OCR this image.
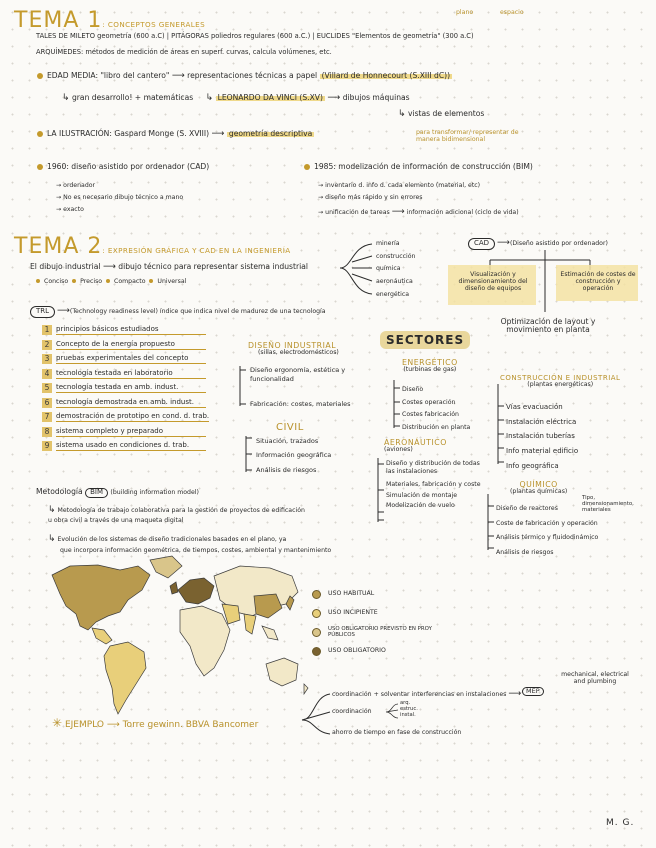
TEMA 1: CONCEPTOS GENERALES
plano	espacio
TALES DE MILETO geometría (600 a.C) | PITÁGORAS poliedros regulares (600 a.C.) | EUCLIDES "Elementos de geometría" (300 a.C)
ARQUÍMEDES: métodos de medición de áreas en superf. curvas, calcula volúmenes, etc.
EDAD MEDIA: "libro del cantero" ⟶ representaciones técnicas a papel (Villard de Honnecourt (S.XIII dC))
↳ gran desarrollo! + matemáticas ↳ LEONARDO DA VINCI (S.XV) ⟶ dibujos máquinas
↳ vistas de elementos
LA ILUSTRACIÓN: Gaspard Monge (S. XVIII) ⟶ geometría descriptiva	para transformar/ representar de manera bidimensional
1960: diseño asistido por ordenador (CAD)
→ ordenador
→ No es necesario dibujo técnico a mano
→ exacto
1985: modelización de información de construcción (BIM)
→ inventario d. info d. cada elemento (material, etc)
→ diseño más rápido y sin errores
→ unificación de tareas ⟶ información adicional (ciclo de vida)
TEMA 2: EXPRESIÓN GRÁFICA Y CAD EN LA INGENIERÍA
El dibujo industrial ⟶ dibujo técnico para representar sistema industrial
Conciso Preciso Compacto Universal
minería
construcción
química
aeronáutica
energética
CAD ⟶(Diseño asistido por ordenador)
Visualización y dimensionamiento del diseño de equipos
Estimación de costes de construcción y operación
Optimización de layout y movimiento en planta
TRL ⟶(Technology readiness level) índice que indica nivel de madurez de una tecnología
1 principios básicos estudiados
2 Concepto de la energía propuesto
3 pruebas experimentales del concepto
4 tecnología testada en laboratorio
5 tecnología testada en amb. indust.
6 tecnología demostrada en amb. indust.
7 demostración de prototipo en cond. d. trab.
8 sistema completo y preparado
9 sistema usado en condiciones d. trab.
SECTORES
DISEÑO INDUSTRIAL
(sillas, electrodomésticos)
Diseño ergonomía, estética y funcionalidad
Fabricación: costes, materiales
CIVIL
Situación, trazados
Información geográfica
Análisis de riesgos
ENERGÉTICO
(turbinas de gas)
Diseño
Costes operación
Costes fabricación
Distribución en planta
AERONÁUTICO
(aviones)
Diseño y distribución de todas las instalaciones
Materiales, fabricación y coste
Simulación de montaje
Modelización de vuelo
CONSTRUCCIÓN E INDUSTRIAL
(plantas energéticas)
Vías evacuación
Instalación eléctrica
Instalación tuberías
Info material edificio
Info geográfica
QUÍMICO
(plantas químicas)
Tipo, dimensionamiento, materiales
Diseño de reactores
Coste de fabricación y operación
Análisis térmico y fluidodinámico
Análisis de riesgos
Metodología BIM (building information model)
↳ Metodología de trabajo colaborativa para la gestión de proyectos de edificación u obra civil a través de una maqueta digital
↳ Evolución de los sistemas de diseño tradicionales basados en el plano, ya
que incorpora información geométrica, de tiempos, costes, ambiental y mantenimiento
USO HABITUAL
USO INCIPIENTE
USO OBLIGATORIO PREVISTO EN PROY PÚBLICOS
USO OBLIGATORIO
✳ EJEMPLO ⟶ Torre gewinn. BBVA Bancomer
coordinación + solventar interferencias en instalaciones ⟶
coordinación
arq.
estruc.
instal.
ahorro de tiempo en fase de construcción
MEP
mechanical, electrical and plumbing
M. G.
